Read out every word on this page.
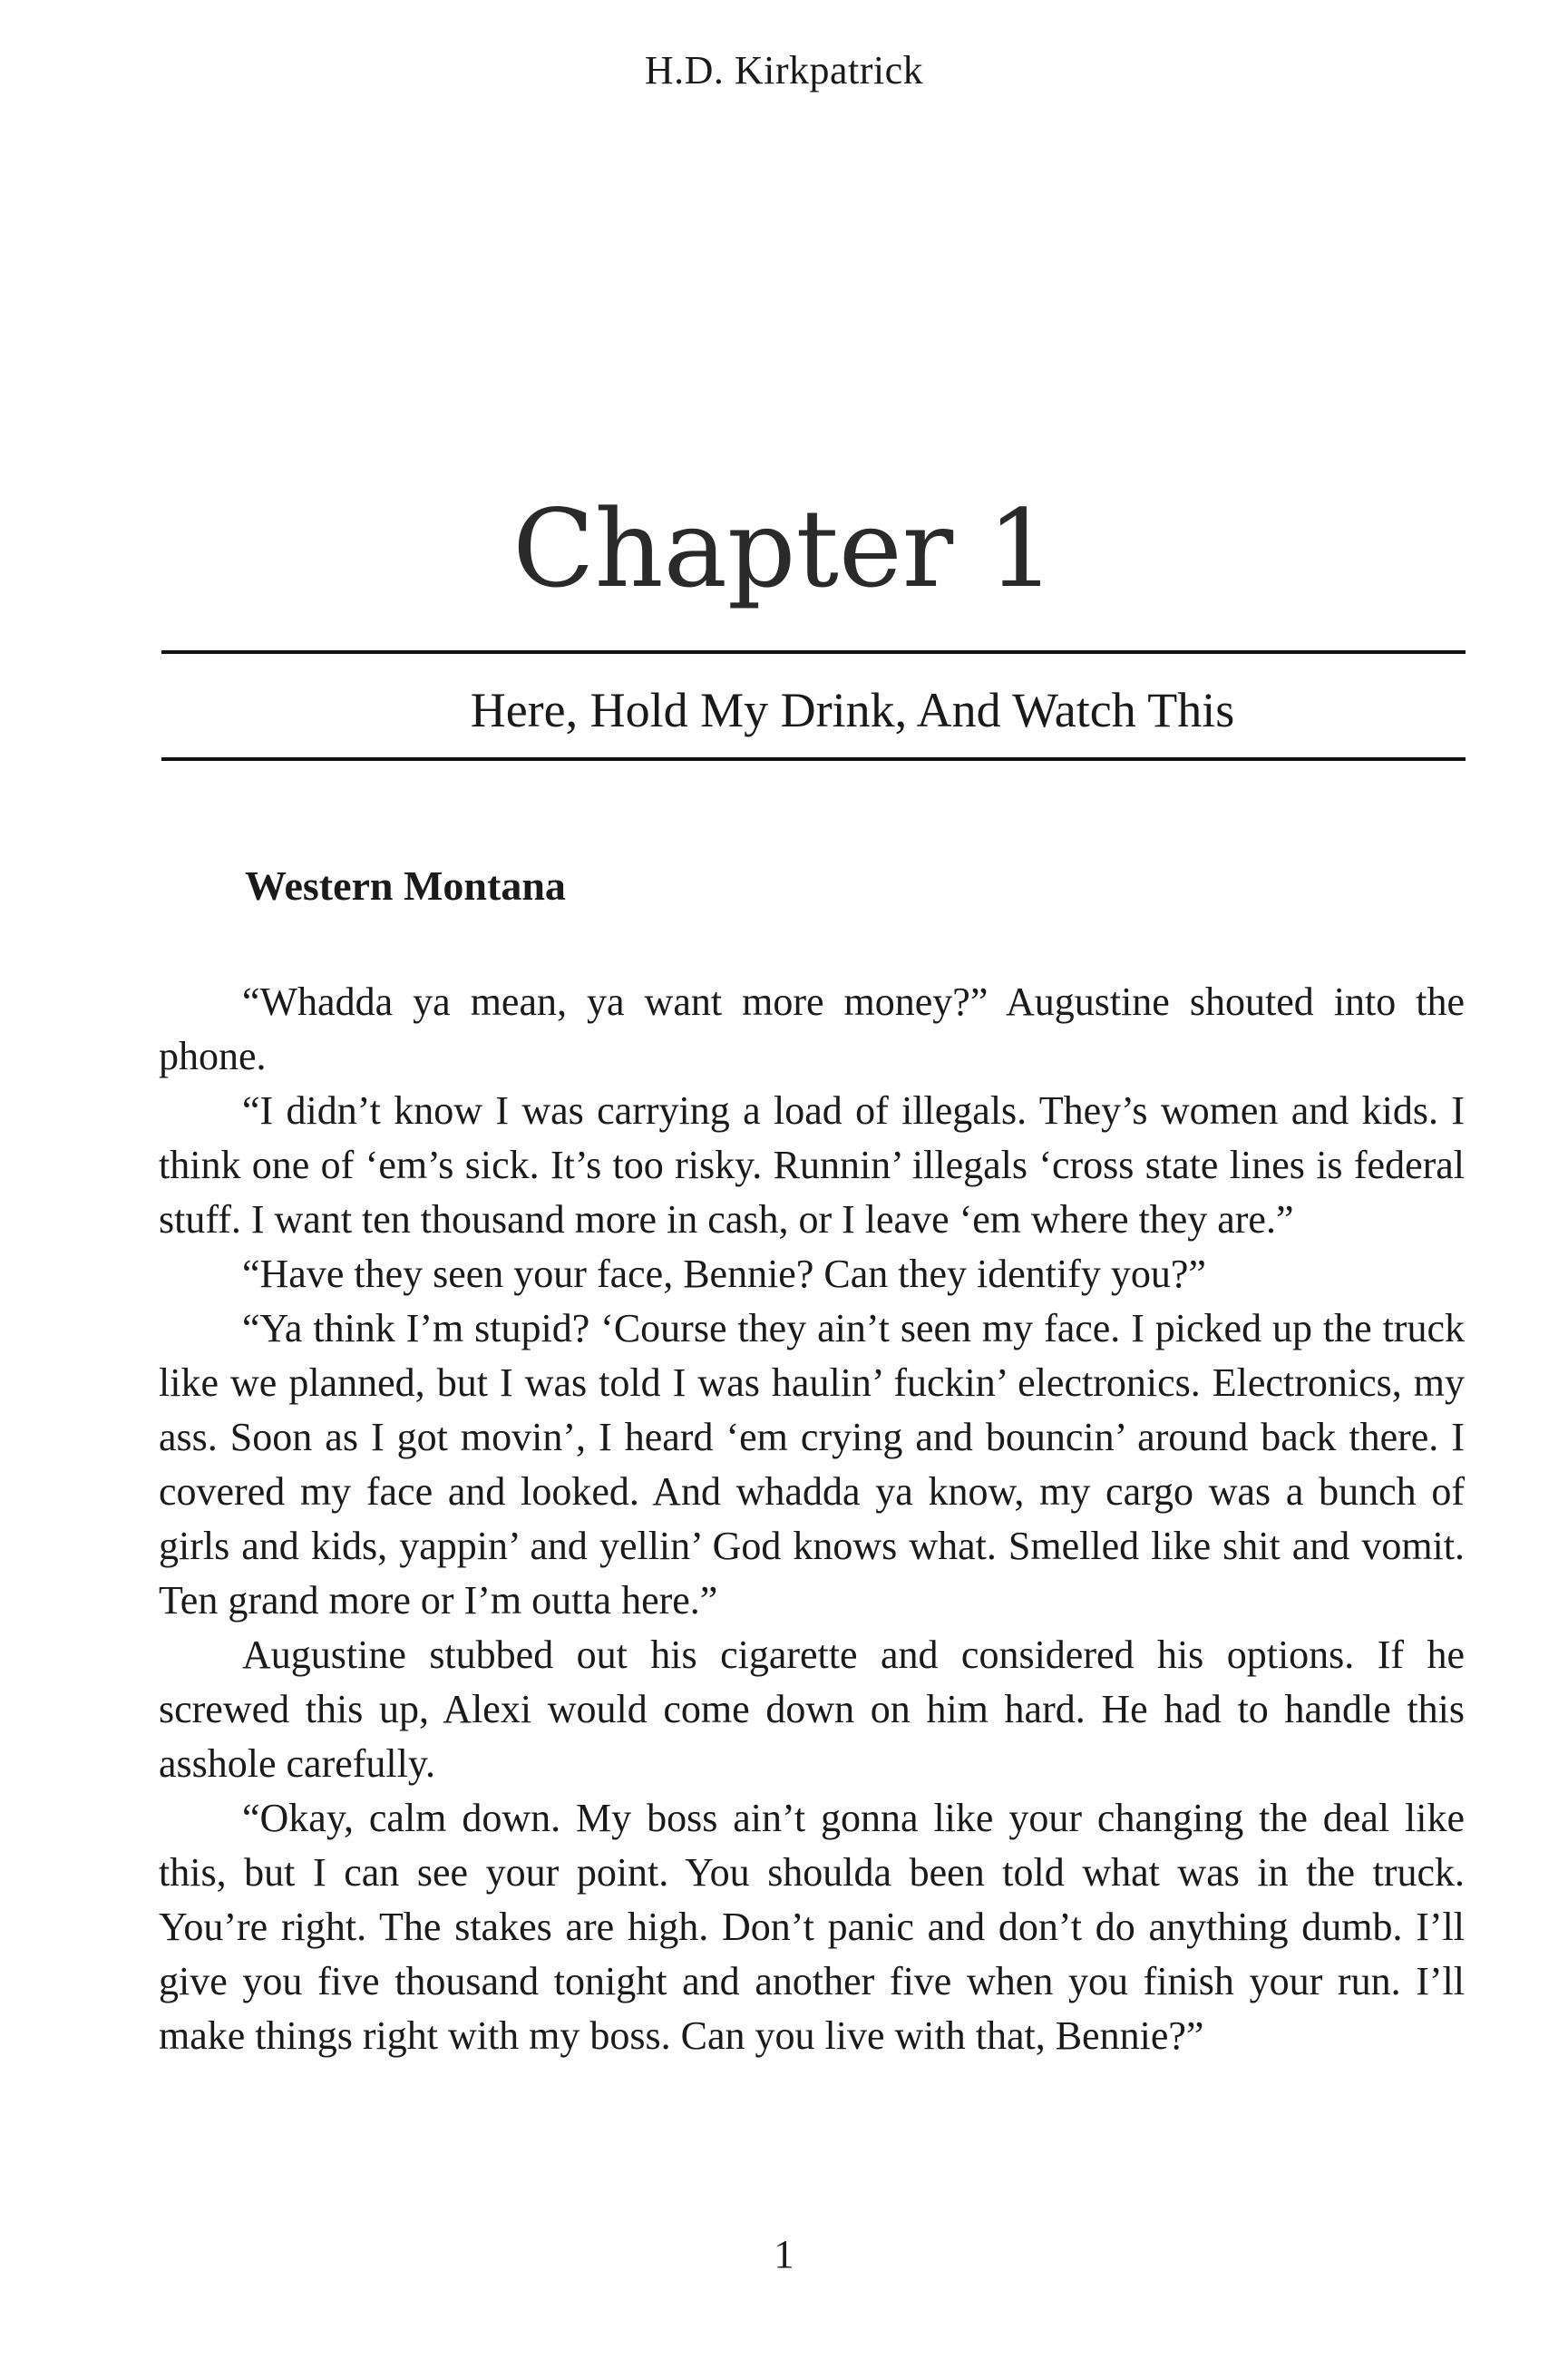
H.D. Kirkpatrick
Chapter 1
Here, Hold My Drink, And Watch This
Western Montana

“Whadda ya mean, ya want more money?” Augustine shouted into the phone.

“I didn’t know I was carrying a load of illegals. They’s women and kids. I think one of ‘em’s sick. It’s too risky. Runnin’ illegals ‘cross state lines is federal stuff. I want ten thousand more in cash, or I leave ‘em where they are.”

“Have they seen your face, Bennie? Can they identify you?”

“Ya think I’m stupid? ‘Course they ain’t seen my face. I picked up the truck like we planned, but I was told I was haulin’ fuckin’ electronics. Electronics, my ass. Soon as I got movin’, I heard ‘em crying and bouncin’ around back there. I covered my face and looked. And whadda ya know, my cargo was a bunch of girls and kids, yappin’ and yellin’ God knows what. Smelled like shit and vomit. Ten grand more or I’m outta here.”

Augustine stubbed out his cigarette and considered his options. If he screwed this up, Alexi would come down on him hard. He had to handle this asshole carefully.

“Okay, calm down. My boss ain’t gonna like your changing the deal like this, but I can see your point. You shoulda been told what was in the truck. You’re right. The stakes are high. Don’t panic and don’t do anything dumb. I’ll give you five thousand tonight and another five when you finish your run. I’ll make things right with my boss. Can you live with that, Bennie?”

1
